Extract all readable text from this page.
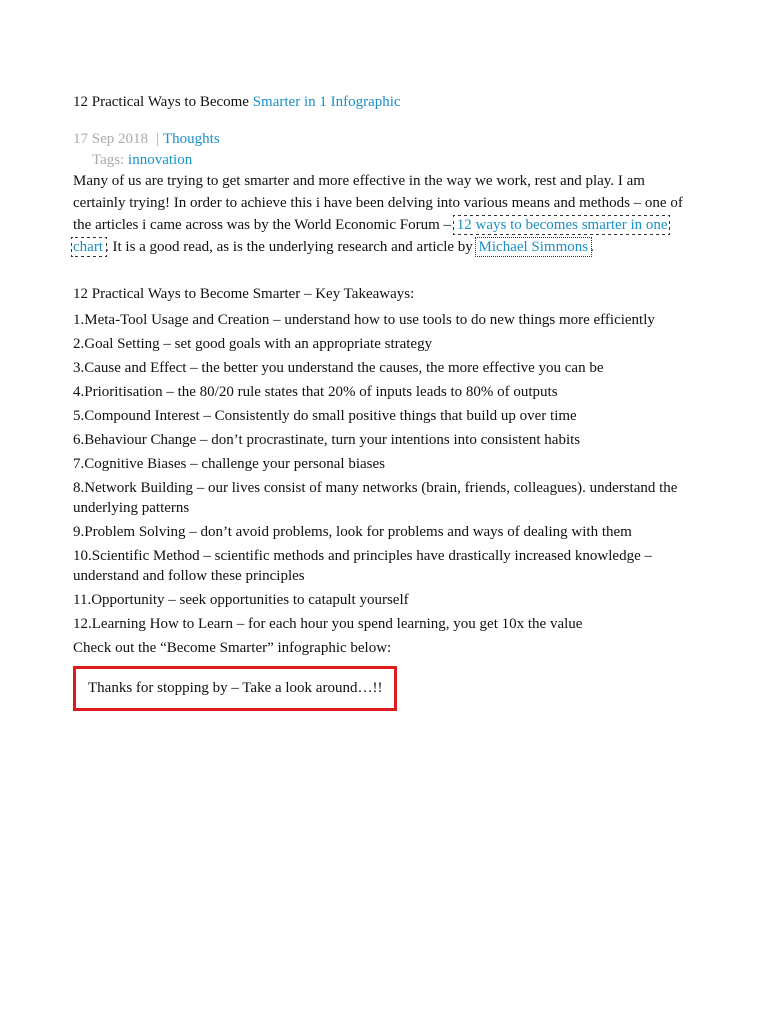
12 Practical Ways to Become Smarter in 1 Infographic
17 Sep 2018 | Thoughts
Tags: innovation

Many of us are trying to get smarter and more effective in the way we work, rest and play. I am certainly trying! In order to achieve this i have been delving into various means and methods – one of the articles i came across was by the World Economic Forum – 12 ways to becomes smarter in one chart . It is a good read, as is the underlying research and article by Michael Simmons .

12 Practical Ways to Become Smarter – Key Takeaways:
1.Meta-Tool Usage and Creation – understand how to use tools to do new things more efficiently
2.Goal Setting – set good goals with an appropriate strategy
3.Cause and Effect – the better you understand the causes, the more effective you can be
4.Prioritisation – the 80/20 rule states that 20% of inputs leads to 80% of outputs
5.Compound Interest – Consistently do small positive things that build up over time
6.Behaviour Change – don’t procrastinate, turn your intentions into consistent habits
7.Cognitive Biases – challenge your personal biases
8.Network Building – our lives consist of many networks (brain, friends, colleagues). understand the underlying patterns
9.Problem Solving – don’t avoid problems, look for problems and ways of dealing with them
10.Scientific Method – scientific methods and principles have drastically increased knowledge – understand and follow these principles
11.Opportunity – seek opportunities to catapult yourself
12.Learning How to Learn – for each hour you spend learning, you get 10x the value
Check out the “Become Smarter” infographic below:
Thanks for stopping by – Take a look around…!!
